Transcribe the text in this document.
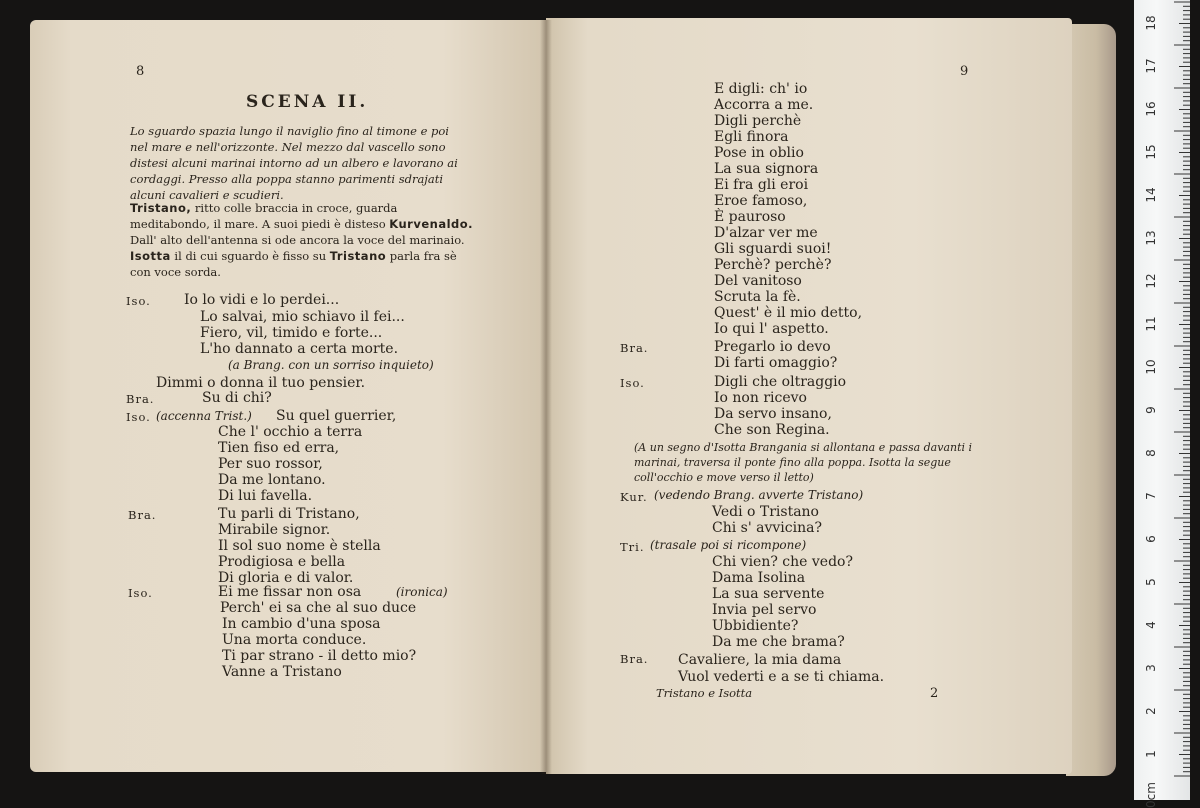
8
SCENA II.
Lo sguardo spazia lungo il naviglio fino al timone e poi nel mare e nell'orizzonte. Nel mezzo dal vascello sono distesi alcuni marinai intorno ad un albero e lavorano ai cordaggi. Presso alla poppa stanno parimenti sdrajati alcuni cavalieri e scudieri.
Tristano, ritto colle braccia in croce, guarda meditabondo, il mare. A suoi piedi è disteso Kurvenaldo. Dall' alto dell'antenna si ode ancora la voce del marinaio. Isotta il di cui sguardo è fisso su Tristano parla fra sè con voce sorda.
Iso. Io lo vidi e lo perdei...
Lo salvai, mio schiavo il fei...
Fiero, vil, timido e forte...
L'ho dannato a certa morte.
(a Brang. con un sorriso inquieto)
Dimmi o donna il tuo pensier.
Bra.	Su di chi?
Iso. (accenna Trist.) Su quel guerrier,
Che l' occhio a terra
Tien fiso ed erra,
Per suo rossor,
Da me lontano.
Di lui favella.
Bra.	Tu parli di Tristano,
Mirabile signor.
Il sol suo nome è stella
Prodigiosa e bella
Di gloria e di valor.
Iso.	Ei me fissar non osa	(ironica)
Perch' ei sa che al suo duce
In cambio d'una sposa
Una morta conduce.
Ti par strano - il detto mio?
Vanne a Tristano
9
E digli: ch' io
Accorra a me.
Digli perchè
Egli finora
Pose in oblio
La sua signora
Ei fra gli eroi
Eroe famoso,
È pauroso
D'alzar ver me
Gli sguardi suoi!
Perchè? perchè?
Del vanitoso
Scruta la fè.
Quest' è il mio detto,
Io qui l' aspetto.
Bra.	Pregarlo io devo
Di farti omaggio?
Iso.	Digli che oltraggio
Io non ricevo
Da servo insano,
Che son Regina.
(A un segno d'Isotta Brangania si allontana e passa davanti i marinai, traversa il ponte fino alla poppa. Isotta la segue coll'occhio e move verso il letto)
Kur. (vedendo Brang. avverte Tristano)
Vedi o Tristano
Chi s' avvicina?
Tri. (trasale poi si ricompone)
Chi vien? che vedo?
Dama Isolina
La sua servente
Invia pel servo
Ubbidiente?
Da me che brama?
Bra. Cavaliere, la mia dama
Vuol vederti e a se ti chiama.
Tristano e Isotta	2
18
17
16
15
14
13
12
11
10
9
8
7
6
5
4
3
2
1
0cm
